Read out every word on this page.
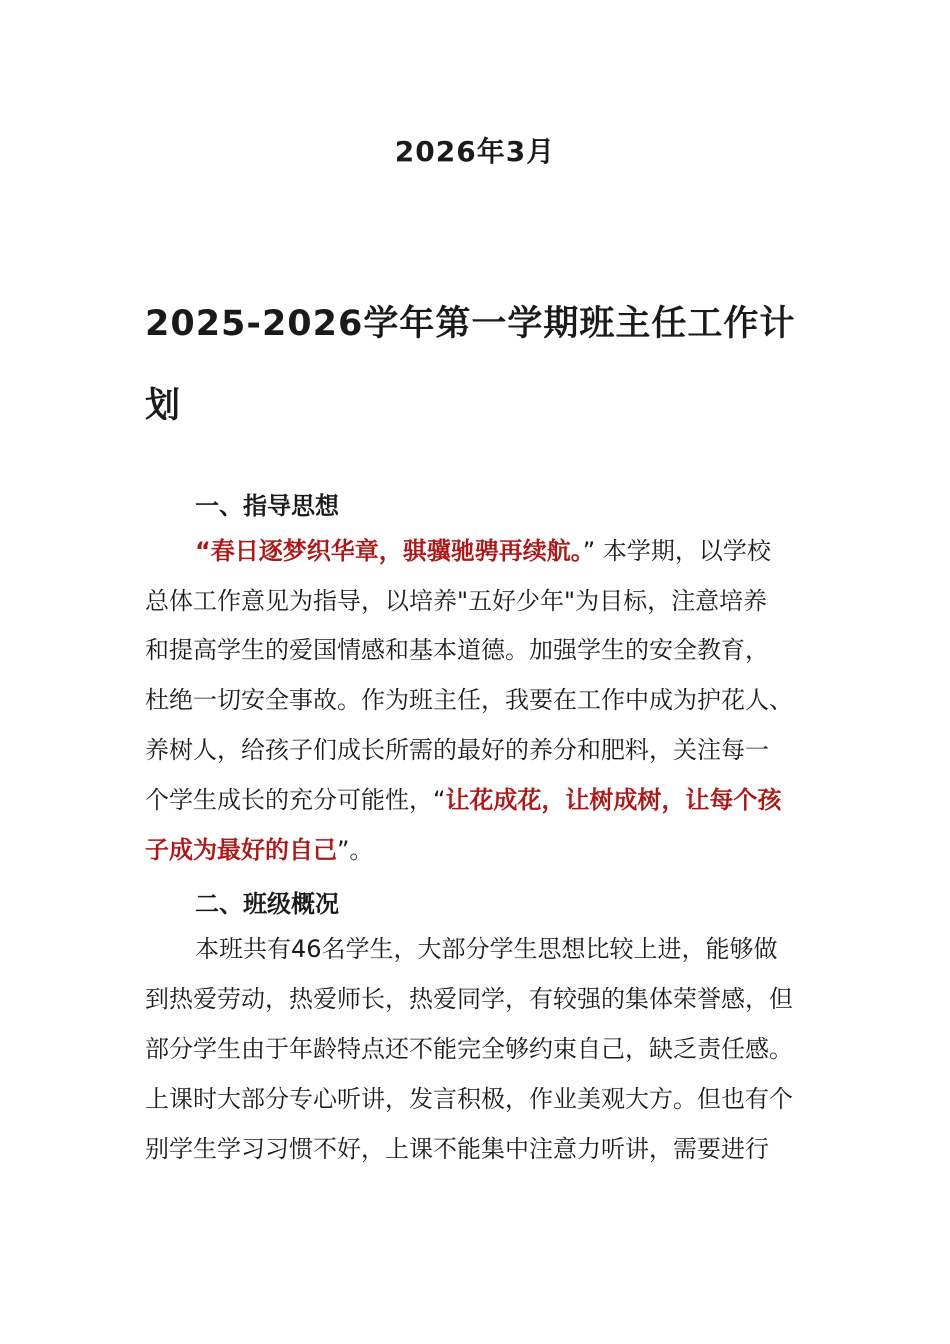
2026年3月
2025-2026学年第一学期班主任工作计
划
一、指导思想
“春日逐梦织华章，骐骥驰骋再续航。” 本学期，以学校
总体工作意见为指导，以培养"五好少年"为目标，注意培养
和提高学生的爱国情感和基本道德。加强学生的安全教育，
杜绝一切安全事故。作为班主任，我要在工作中成为护花人、
养树人，给孩子们成长所需的最好的养分和肥料，关注每一
个学生成长的充分可能性，“让花成花，让树成树，让每个孩
子成为最好的自己”。
二、班级概况
本班共有46名学生，大部分学生思想比较上进，能够做
到热爱劳动，热爱师长，热爱同学，有较强的集体荣誉感，但
部分学生由于年龄特点还不能完全够约束自己，缺乏责任感。
上课时大部分专心听讲，发言积极，作业美观大方。但也有个
别学生学习习惯不好，上课不能集中注意力听讲，需要进行
